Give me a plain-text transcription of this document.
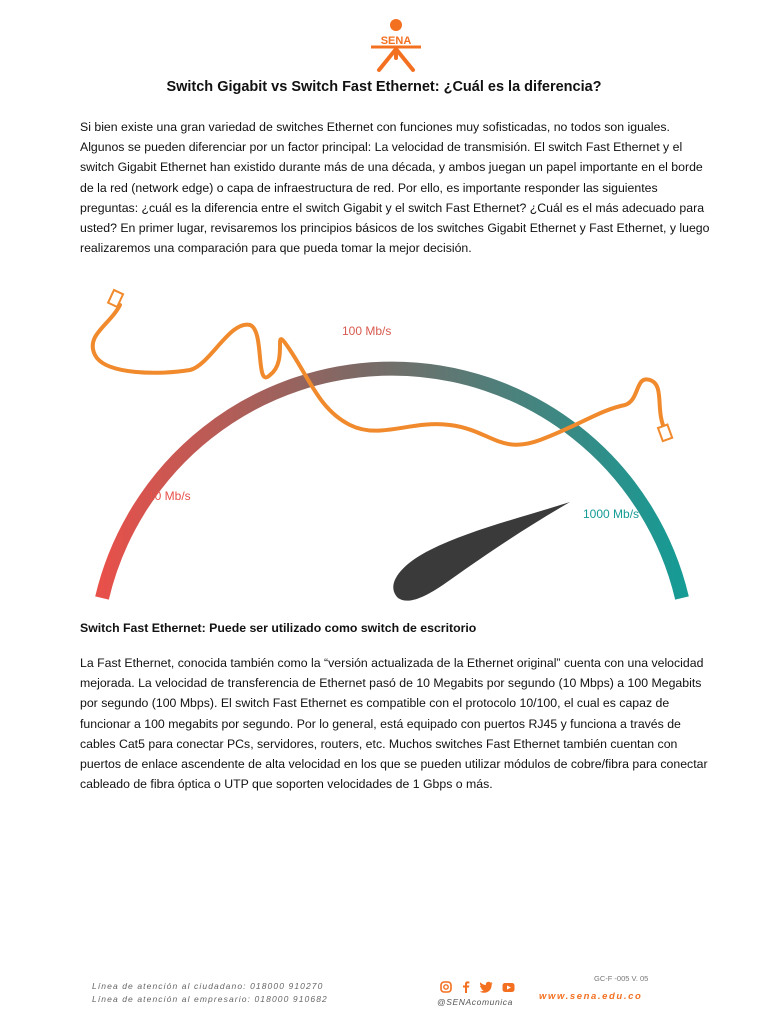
SENA
Switch Gigabit vs Switch Fast Ethernet: ¿Cuál es la diferencia?

Si bien existe una gran variedad de switches Ethernet con funciones muy sofisticadas, no todos son iguales. Algunos se pueden diferenciar por un factor principal: La velocidad de transmisión. El switch Fast Ethernet y el switch Gigabit Ethernet han existido durante más de una década, y ambos juegan un papel importante en el borde de la red (network edge) o capa de infraestructura de red. Por ello, es importante responder las siguientes preguntas: ¿cuál es la diferencia entre el switch Gigabit y el switch Fast Ethernet? ¿Cuál es el más adecuado para usted? En primer lugar, revisaremos los principios básicos de los switches Gigabit Ethernet y Fast Ethernet, y luego realizaremos una comparación para que pueda tomar la mejor decisión.

10 Mb/s
100 Mb/s
1000 Mb/s
Switch Fast Ethernet: Puede ser utilizado como switch de escritorio

La Fast Ethernet, conocida también como la “versión actualizada de la Ethernet original” cuenta con una velocidad mejorada. La velocidad de transferencia de Ethernet pasó de 10 Megabits por segundo (10 Mbps) a 100 Megabits por segundo (100 Mbps). El switch Fast Ethernet es compatible con el protocolo 10/100, el cual es capaz de funcionar a 100 megabits por segundo. Por lo general, está equipado con puertos RJ45 y funciona a través de cables Cat5 para conectar PCs, servidores, routers, etc. Muchos switches Fast Ethernet también cuentan con puertos de enlace ascendente de alta velocidad en los que se pueden utilizar módulos de cobre/fibra para conectar cableado de fibra óptica o UTP que soporten velocidades de 1 Gbps o más.

Línea de atención al ciudadano: 018000 910270
Línea de atención al empresario: 018000 910682	@SENAcomunica	www.sena.edu.co
GC-F -005 V. 05
